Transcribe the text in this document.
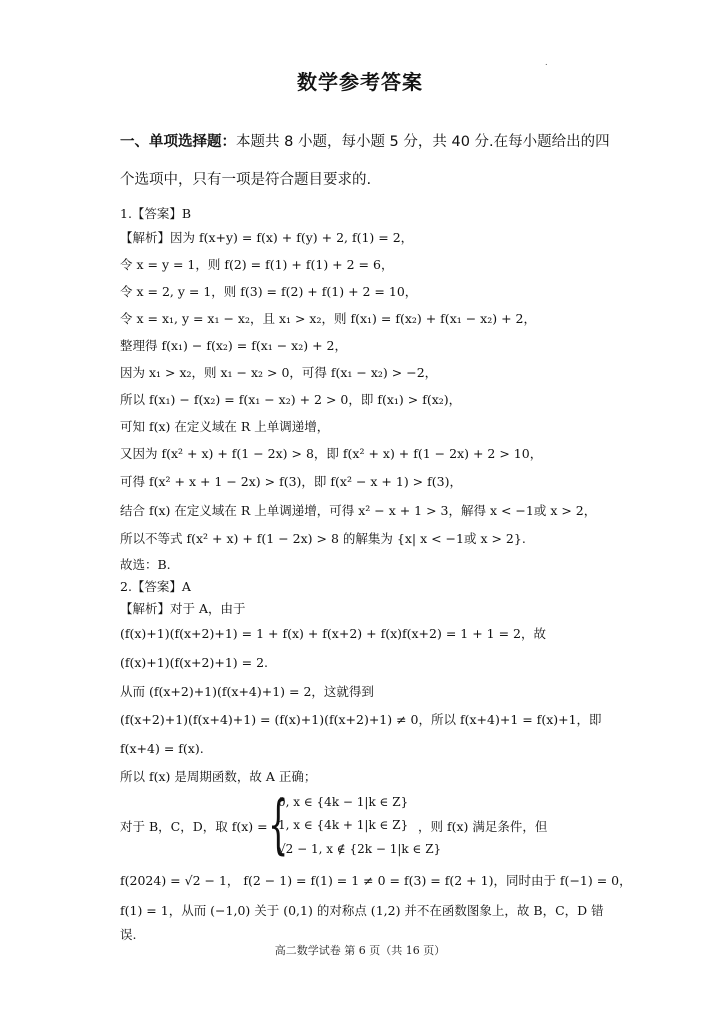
.
数学参考答案
一、单项选择题：本题共 8 小题，每小题 5 分，共 40 分.在每小题给出的四
个选项中，只有一项是符合题目要求的.
1.【答案】B
【解析】因为 f(x+y) = f(x) + f(y) + 2, f(1) = 2，
令 x = y = 1，则 f(2) = f(1) + f(1) + 2 = 6，
令 x = 2, y = 1，则 f(3) = f(2) + f(1) + 2 = 10，
令 x = x₁, y = x₁ − x₂，且 x₁ > x₂，则 f(x₁) = f(x₂) + f(x₁ − x₂) + 2，
整理得 f(x₁) − f(x₂) = f(x₁ − x₂) + 2，
因为 x₁ > x₂，则 x₁ − x₂ > 0，可得 f(x₁ − x₂) > −2，
所以 f(x₁) − f(x₂) = f(x₁ − x₂) + 2 > 0，即 f(x₁) > f(x₂)，
可知 f(x) 在定义域在 R 上单调递增，
又因为 f(x² + x) + f(1 − 2x) > 8，即 f(x² + x) + f(1 − 2x) + 2 > 10，
可得 f(x² + x + 1 − 2x) > f(3)，即 f(x² − x + 1) > f(3)，
结合 f(x) 在定义域在 R 上单调递增，可得 x² − x + 1 > 3，解得 x < −1或 x > 2，
所以不等式 f(x² + x) + f(1 − 2x) > 8 的解集为 {x| x < −1或 x > 2}.
故选：B.
2.【答案】A
【解析】对于 A，由于
(f(x)+1)(f(x+2)+1) = 1 + f(x) + f(x+2) + f(x)f(x+2) = 1 + 1 = 2，故
(f(x)+1)(f(x+2)+1) = 2.
从而 (f(x+2)+1)(f(x+4)+1) = 2，这就得到
(f(x+2)+1)(f(x+4)+1) = (f(x)+1)(f(x+2)+1) ≠ 0，所以 f(x+4)+1 = f(x)+1，即
f(x+4) = f(x).
所以 f(x) 是周期函数，故 A 正确；
对于 B，C，D，取 f(x) = {
0, x ∈ {4k − 1|k ∈ Z}
1, x ∈ {4k + 1|k ∈ Z}
√2 − 1, x ∉ {2k − 1|k ∈ Z}
，则 f(x) 满足条件，但
f(2024) = √2 − 1， f(2 − 1) = f(1) = 1 ≠ 0 = f(3) = f(2 + 1)，同时由于 f(−1) = 0，
f(1) = 1，从而 (−1,0) 关于 (0,1) 的对称点 (1,2) 并不在函数图象上，故 B，C，D 错
误.
高二数学试卷 第 6 页（共 16 页）
